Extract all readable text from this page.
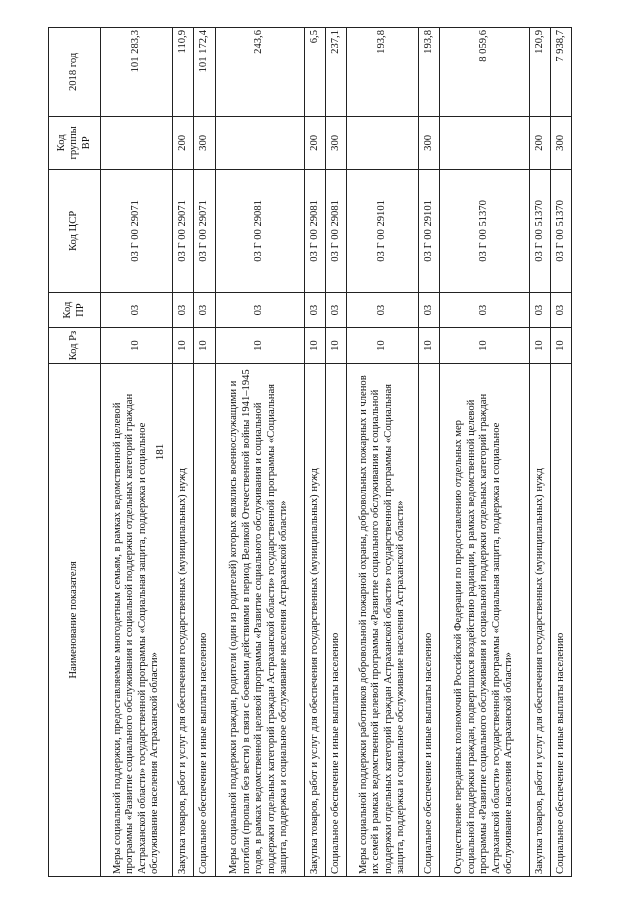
181
Наименование показателя	Код Рз	Код ПР	Код ЦСР	Код группы ВР	2018 год
Меры социальной поддержки, предоставляемые многодетным семьям, в рамках ведомственной целевой программы «Развитие социального обслуживания и социальной поддержки отдельных категорий граждан Астраханской области» государственной программы «Социальная защита, поддержка и социальное обслуживание населения Астраханской области»	10	03	03 Г 00 29071		101 283,3
Закупка товаров, работ и услуг для обеспечения государственных (муниципальных) нужд	10	03	03 Г 00 29071	200	110,9
Социальное обеспечение и иные выплаты населению	10	03	03 Г 00 29071	300	101 172,4
Меры социальной поддержки граждан, родители (один из родителей) которых являлись военнослужащими и погибли (пропали без вести) в связи с боевыми действиями в период Великой Отечественной войны 1941–1945 годов, в рамках ведомственной целевой программы «Развитие социального обслуживания и социальной поддержки отдельных категорий граждан Астраханской области» государственной программы «Социальная защита, поддержка и социальное обслуживание населения Астраханской области»	10	03	03 Г 00 29081		243,6
Закупка товаров, работ и услуг для обеспечения государственных (муниципальных) нужд	10	03	03 Г 00 29081	200	6,5
Социальное обеспечение и иные выплаты населению	10	03	03 Г 00 29081	300	237,1
Меры социальной поддержки работников добровольной пожарной охраны, добровольных пожарных и членов их семей в рамках ведомственной целевой программы «Развитие социального обслуживания и социальной поддержки отдельных категорий граждан Астраханской области» государственной программы «Социальная защита, поддержка и социальное обслуживание населения Астраханской области»	10	03	03 Г 00 29101		193,8
Социальное обеспечение и иные выплаты населению	10	03	03 Г 00 29101	300	193,8
Осуществление переданных полномочий Российской Федерации по предоставлению отдельных мер социальной поддержки граждан, подвергшихся воздействию радиации, в рамках ведомственной целевой программы «Развитие социального обслуживания и социальной поддержки отдельных категорий граждан Астраханской области» государственной программы «Социальная защита, поддержка и социальное обслуживание населения Астраханской области»	10	03	03 Г 00 51370		8 059,6
Закупка товаров, работ и услуг для обеспечения государственных (муниципальных) нужд	10	03	03 Г 00 51370	200	120,9
Социальное обеспечение и иные выплаты населению	10	03	03 Г 00 51370	300	7 938,7
